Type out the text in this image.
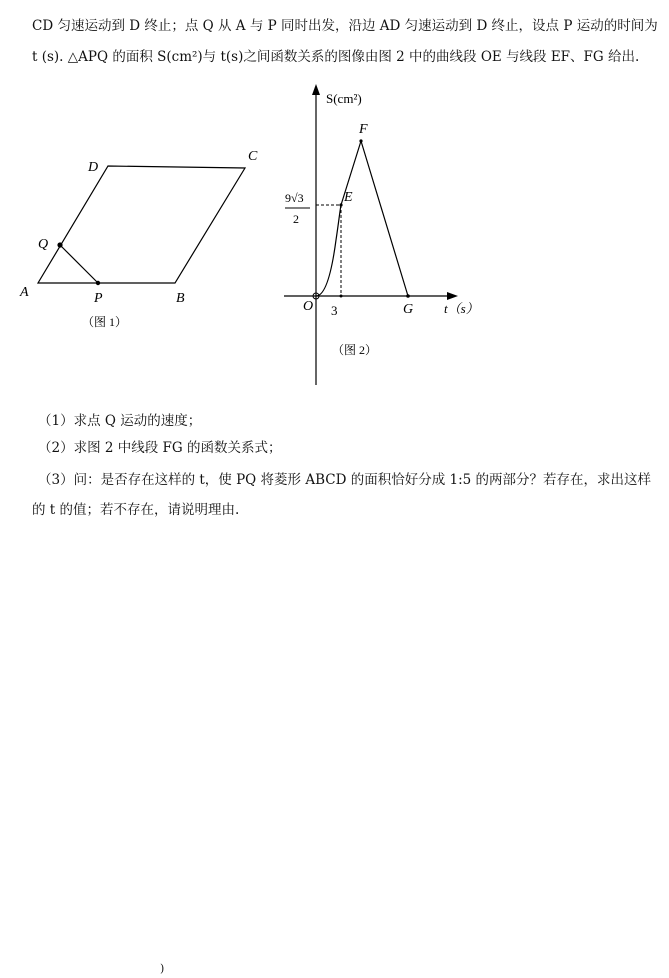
CD 匀速运动到 D 终止；点 Q 从 A 与 P 同时出发，沿边 AD 匀速运动到 D 终止，设点 P 运动的时间为
t (s). △APQ 的面积 S(cm²)与 t(s)之间函数关系的图像由图 2 中的曲线段 OE 与线段 EF、FG 给出.
A	B
C
D
P
Q
（图 1）
S(cm²)
t（s）
O 3
9√3
2
E
F
G
（图 2）
（1）求点 Q 运动的速度；
（2）求图 2 中线段 FG 的函数关系式；
（3）问：是否存在这样的 t，使 PQ 将菱形 ABCD 的面积恰好分成 1:5 的两部分？若存在，求出这样
的 t 的值；若不存在，请说明理由.
)
